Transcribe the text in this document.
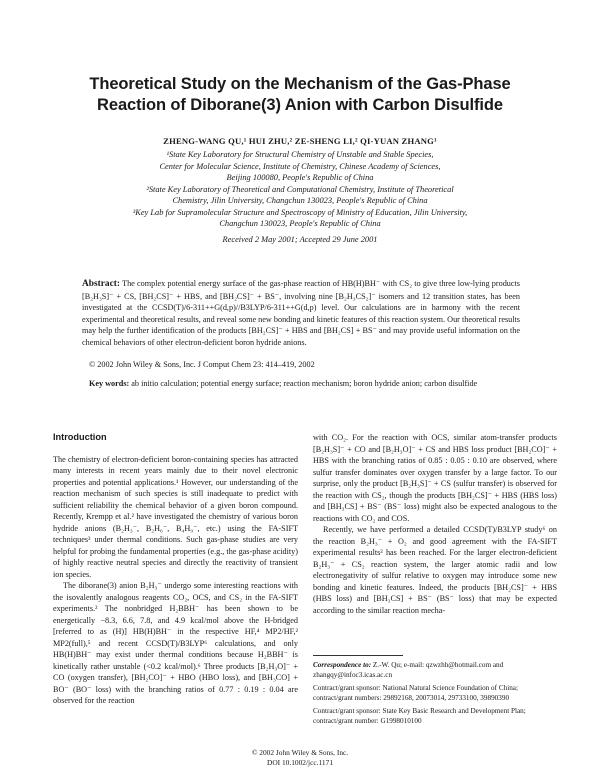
Theoretical Study on the Mechanism of the Gas-Phase
Reaction of Diborane(3) Anion with Carbon Disulfide
ZHENG-WANG QU,¹ HUI ZHU,² ZE-SHENG LI,² QI-YUAN ZHANG¹

¹State Key Laboratory for Structural Chemistry of Unstable and Stable Species,

Center for Molecular Science, Institute of Chemistry, Chinese Academy of Sciences,

Beijing 100080, People's Republic of China

²State Key Laboratory of Theoretical and Computational Chemistry, Institute of Theoretical

Chemistry, Jilin University, Changchun 130023, People's Republic of China

³Key Lab for Supramolecular Structure and Spectroscopy of Ministry of Education, Jilin University,

Changchun 130023, People's Republic of China

Received 2 May 2001; Accepted 29 June 2001

Abstract: The complex potential energy surface of the gas-phase reaction of HB(H)BH⁻ with CS₂ to give three low-lying products [B₂H₃S]⁻ + CS, [BH₂CS]⁻ + HBS, and [BH₂CS]⁻ + BS⁻, involving nine [B₂H₃CS₂]⁻ isomers and 12 transition states, has been investigated at the CCSD(T)/6-311++G(d,p)//B3LYP/6-311++G(d,p) level. Our calculations are in harmony with the recent experimental and theoretical results, and reveal some new bonding and kinetic features of this reaction system. Our theoretical results may help the further identification of the products [BH₂CS]⁻ + HBS and [BH₂CS] + BS⁻ and may provide useful information on the chemical behaviors of other electron-deficient boron hydride anions.

© 2002 John Wiley & Sons, Inc. J Comput Chem 23: 414–419, 2002
Key words: ab initio calculation; potential energy surface; reaction mechanism; boron hydride anion; carbon disulfide
Introduction

The chemistry of electron-deficient boron-containing species has attracted many interests in recent years mainly due to their novel electronic properties and potential applications.¹ However, our understanding of the reaction mechanism of such species is still inadequate to predict with sufficient reliability the chemical behavior of a given boron compound. Recently, Krempp et al.² have investigated the chemistry of various boron hydride anions (B₂H₃⁻, B₂H₆⁻, B₄H₉⁻, etc.) using the FA-SIFT techniques³ under thermal conditions. Such gas-phase studies are very helpful for probing the fundamental properties (e.g., the gas-phase acidity) of highly reactive neutral species and directly the reactivity of transient ion species.

The diborane(3) anion B₂H₃⁻ undergo some interesting reactions with the isovalently analogous reagents CO₂, OCS, and CS₂ in the FA-SIFT experiments.² The nonbridged H₂BBH⁻ has been shown to be energetically −8.3, 6.6, 7.8, and 4.9 kcal/mol above the H-bridged [referred to as (H)] HB(H)BH⁻ in the respective HF,⁴ MP2/HF,² MP2(full),⁵ and recent CCSD(T)/B3LYP⁶ calculations, and only HB(H)BH⁻ may exist under thermal conditions because H₂BBH⁻ is kinetically rather unstable (<0.2 kcal/mol).⁶ Three products [B₂H₃O]⁻ + CO (oxygen transfer), [BH₂CO]⁻ + HBO (HBO loss), and [BH₃CO] + BO⁻ (BO⁻ loss) with the branching ratios of 0.77 : 0.19 : 0.04 are observed for the reaction

with CO₂. For the reaction with OCS, similar atom-transfer products [B₂H₃S]⁻ + CO and [B₂H₃O]⁻ + CS and HBS loss product [BH₂CO]⁻ + HBS with the branching ratios of 0.85 : 0.05 : 0.10 are observed, where sulfur transfer dominates over oxygen transfer by a large factor. To our surprise, only the product [B₂H₃S]⁻ + CS (sulfur transfer) is observed for the reaction with CS₂, though the products [BH₂CS]⁻ + HBS (HBS loss) and [BH₃CS] + BS⁻ (BS⁻ loss) might also be expected analogous to the reactions with CO₂ and COS.

Recently, we have performed a detailed CCSD(T)/B3LYP study⁶ on the reaction B₂H₃⁻ + O₂ and good agreement with the FA-SIFT experimental results² has been reached. For the larger electron-deficient B₂H₃⁻ + CS₂ reaction system, the larger atomic radii and low electronegativity of sulfur relative to oxygen may introduce some new bonding and kinetic features. Indeed, the products [BH₂CS]⁻ + HBS (HBS loss) and [BH₃CS] + BS⁻ (BS⁻ loss) that may be expected according to the similar reaction mecha-

Correspondence to: Z.-W. Qu; e-mail: qzwzhh@hotmail.com and zhangqy@infoc3.icas.ac.cn

Contract/grant sponsor: National Natural Science Foundation of China; contract/grant numbers: 29892168, 20073014, 29733100, 39890390

Contract/grant sponsor: State Key Basic Research and Development Plan; contract/grant number: G1998010100

© 2002 John Wiley & Sons, Inc.

DOI 10.1002/jcc.1171
